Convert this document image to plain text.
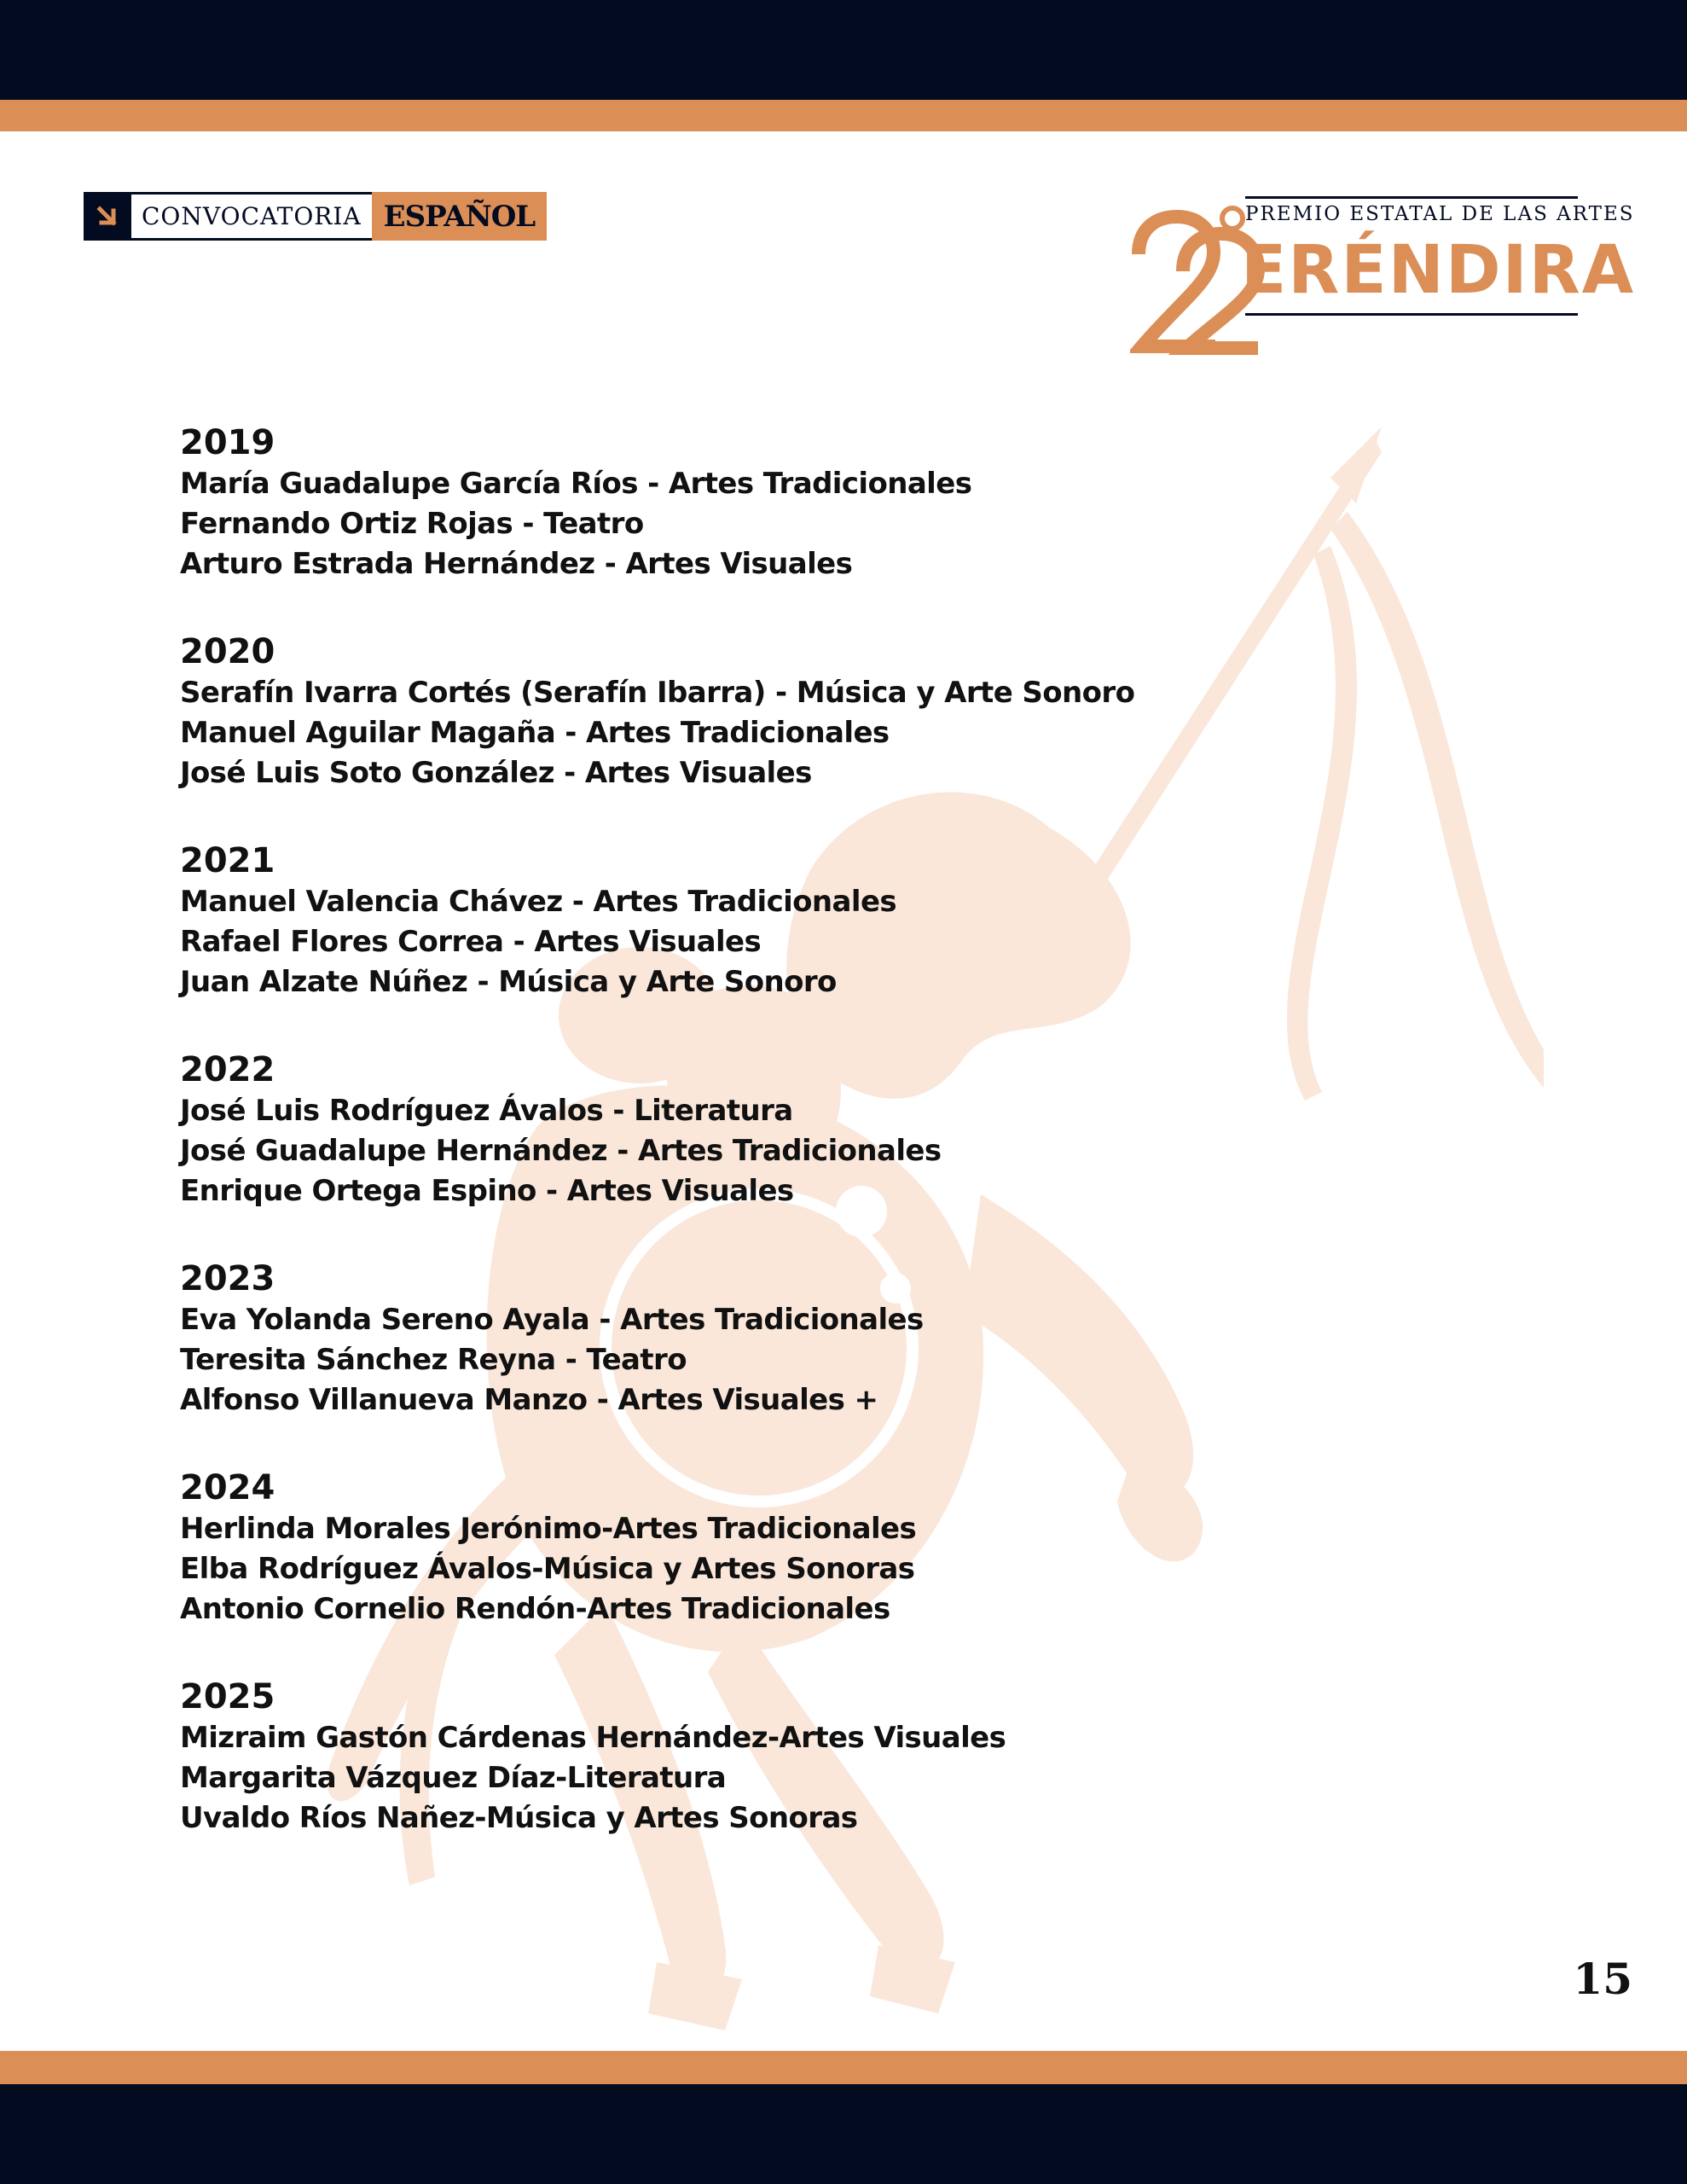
CONVOCATORIA ESPAÑOL	PREMIO ESTATAL DE LAS ARTES
ERÉNDIRA
2019
María Guadalupe García Ríos - Artes Tradicionales
Fernando Ortiz Rojas - Teatro
Arturo Estrada Hernández - Artes Visuales
2020
Serafín Ivarra Cortés (Serafín Ibarra) - Música y Arte Sonoro
Manuel Aguilar Magaña - Artes Tradicionales
José Luis Soto González - Artes Visuales
2021
Manuel Valencia Chávez - Artes Tradicionales
Rafael Flores Correa - Artes Visuales
Juan Alzate Núñez - Música y Arte Sonoro
2022
José Luis Rodríguez Ávalos - Literatura
José Guadalupe Hernández - Artes Tradicionales
Enrique Ortega Espino - Artes Visuales
2023
Eva Yolanda Sereno Ayala - Artes Tradicionales
Teresita Sánchez Reyna - Teatro
Alfonso Villanueva Manzo - Artes Visuales +
2024
Herlinda Morales Jerónimo-Artes Tradicionales
Elba Rodríguez Ávalos-Música y Artes Sonoras
Antonio Cornelio Rendón-Artes Tradicionales
2025
Mizraim Gastón Cárdenas Hernández-Artes Visuales
Margarita Vázquez Díaz-Literatura
Uvaldo Ríos Nañez-Música y Artes Sonoras
15
